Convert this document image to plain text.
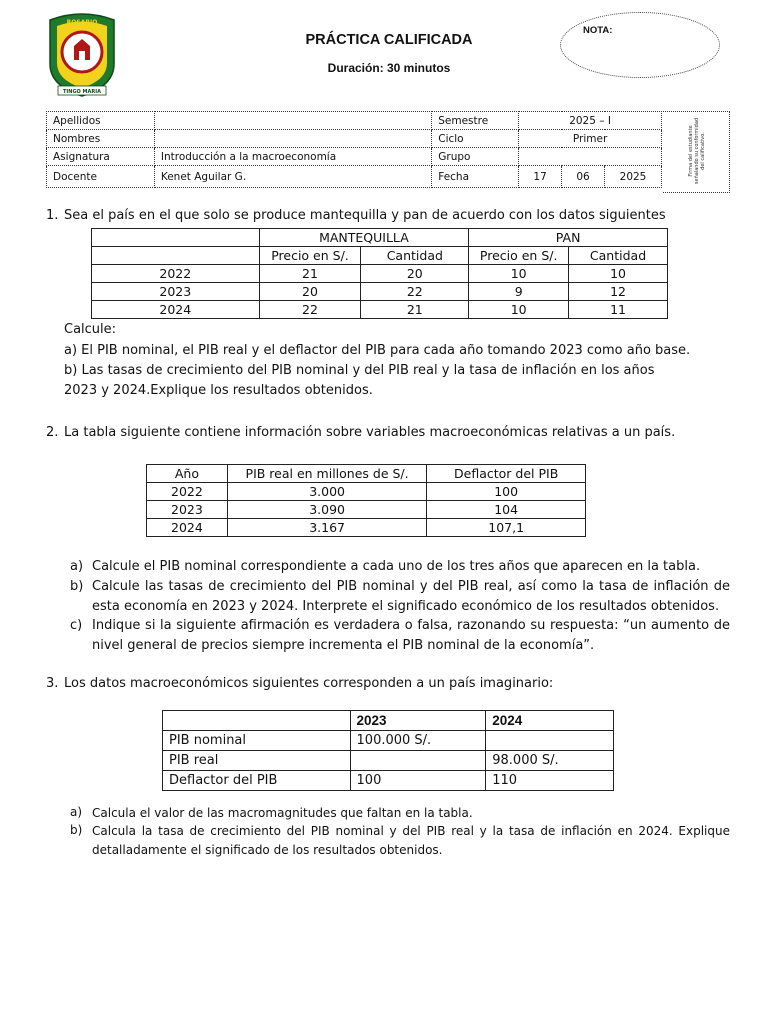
ROSARIO
TINGO MARIA
PRÁCTICA CALIFICADA
Duración: 30 minutos
NOTA:
Apellidos		Semestre	2025 – I		
Nombres		Ciclo	Primer		
Asignatura	Introducción a la macroeconomía	Grupo			
Docente	Kenet Aguilar G.	Fecha	17	06	2025	Firma del estudiante señalando su conformidad del calificativo.
1. Sea el país en el que solo se produce mantequilla y pan de acuerdo con los datos siguientes
	MANTEQUILLA		PAN	
	Precio en S/.	Cantidad	Precio en S/.	Cantidad
2022	21	20	10	10
2023	20	22	9	12
2024	22	21	10	11
Calcule:
a) El PIB nominal, el PIB real y el deflactor del PIB para cada año tomando 2023 como año base.
b) Las tasas de crecimiento del PIB nominal y del PIB real y la tasa de inflación en los años 2023 y 2024.Explique los resultados obtenidos.
2. La tabla siguiente contiene información sobre variables macroeconómicas relativas a un país.
Año	PIB real en millones de S/.	Deflactor del PIB
2022	3.000	100
2023	3.090	104
2024	3.167	107,1
a) Calcule el PIB nominal correspondiente a cada uno de los tres años que aparecen en la tabla.
b) Calcule las tasas de crecimiento del PIB nominal y del PIB real, así como la tasa de inflación de esta economía en 2023 y 2024. Interprete el significado económico de los resultados obtenidos.
c) Indique si la siguiente afirmación es verdadera o falsa, razonando su respuesta: “un aumento de nivel general de precios siempre incrementa el PIB nominal de la economía”.
3. Los datos macroeconómicos siguientes corresponden a un país imaginario:
	2023	2024
PIB nominal	100.000 S/.	
PIB real		98.000 S/.
Deflactor del PIB	100	110
a) Calcula el valor de las macromagnitudes que faltan en la tabla.
b) Calcula la tasa de crecimiento del PIB nominal y del PIB real y la tasa de inflación en 2024. Explique detalladamente el significado de los resultados obtenidos.
